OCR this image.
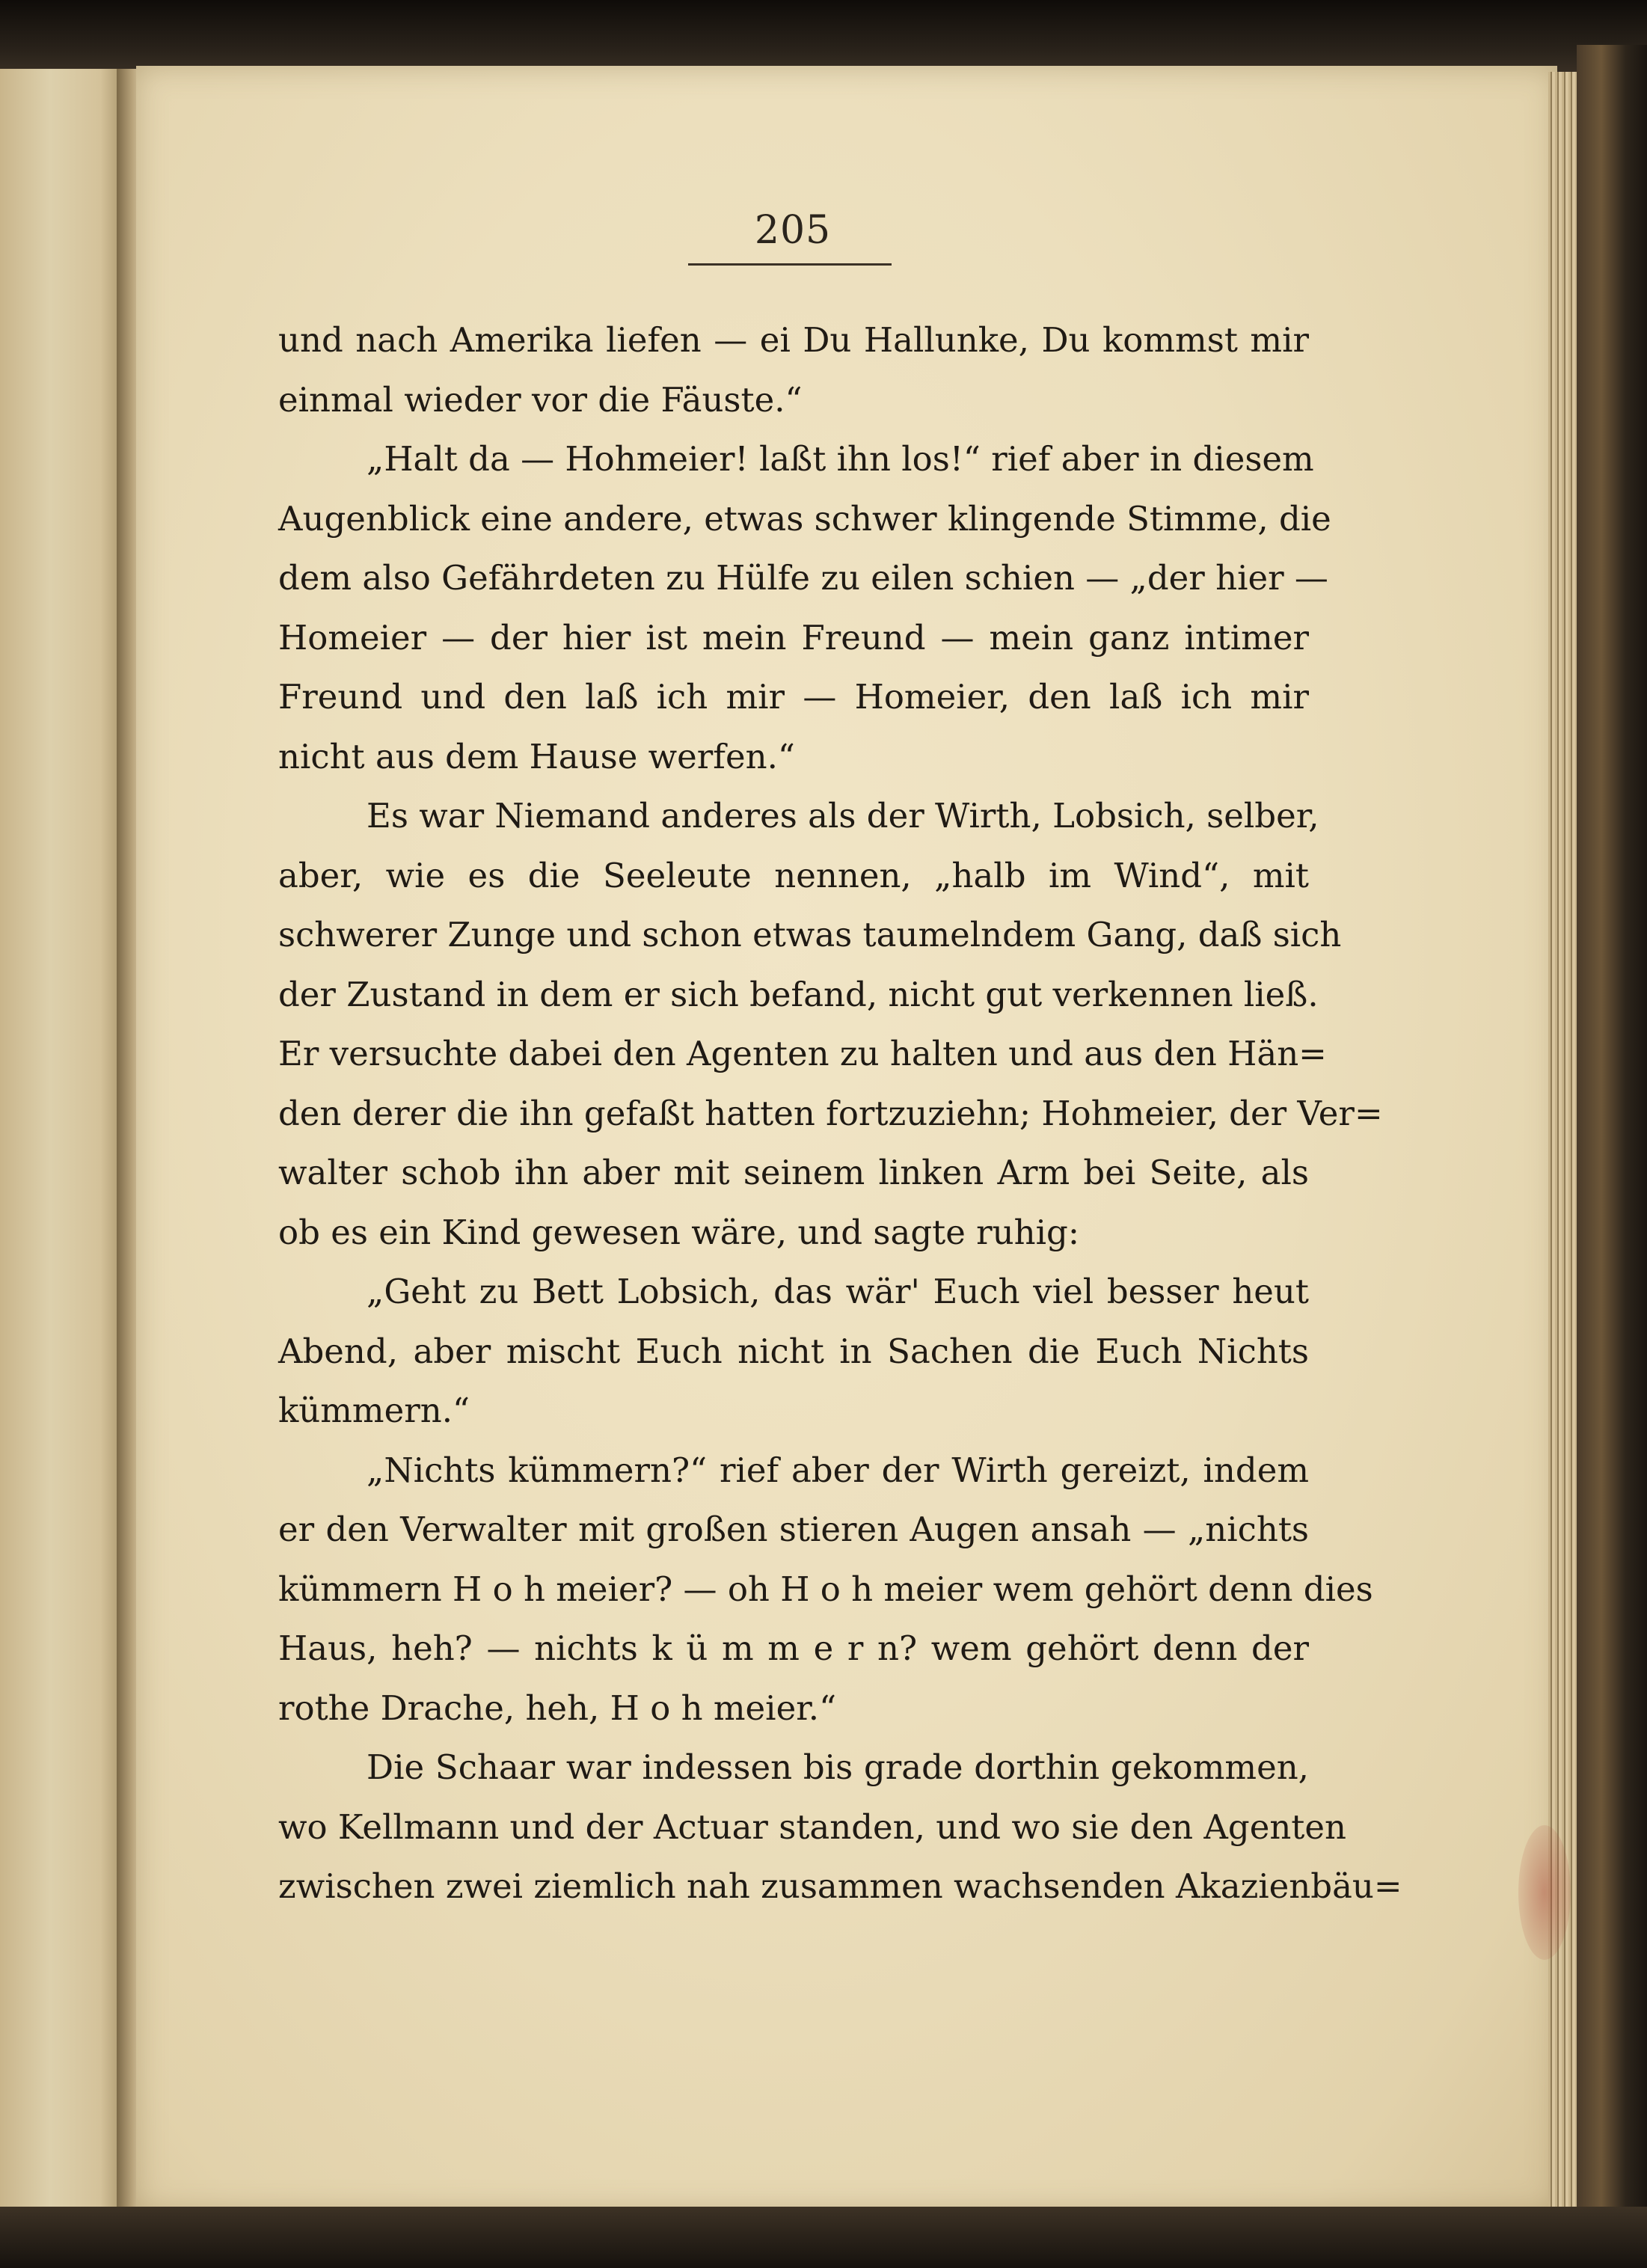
205
und nach Amerika liefen — ei Du Hallunke, Du kommst mir
einmal wieder vor die Fäuste.“
„Halt da — Hohmeier! laßt ihn los!“ rief aber in diesem
Augenblick eine andere, etwas schwer klingende Stimme, die
dem also Gefährdeten zu Hülfe zu eilen schien — „der hier —
Homeier — der hier ist mein Freund — mein ganz intimer
Freund und den laß ich mir — Homeier, den laß ich mir
nicht aus dem Hause werfen.“
Es war Niemand anderes als der Wirth, Lobsich, selber,
aber, wie es die Seeleute nennen, „halb im Wind“, mit
schwerer Zunge und schon etwas taumelndem Gang, daß sich
der Zustand in dem er sich befand, nicht gut verkennen ließ.
Er versuchte dabei den Agenten zu halten und aus den Hän=
den derer die ihn gefaßt hatten fortzuziehn; Hohmeier, der Ver=
walter schob ihn aber mit seinem linken Arm bei Seite, als
ob es ein Kind gewesen wäre, und sagte ruhig:
„Geht zu Bett Lobsich, das wär' Euch viel besser heut
Abend, aber mischt Euch nicht in Sachen die Euch Nichts
kümmern.“
„Nichts kümmern?“ rief aber der Wirth gereizt, indem
er den Verwalter mit großen stieren Augen ansah — „nichts
kümmern H o h meier? — oh H o h meier wem gehört denn dies
Haus, heh? — nichts k ü m m e r n? wem gehört denn der
rothe Drache, heh, H o h meier.“
Die Schaar war indessen bis grade dorthin gekommen,
wo Kellmann und der Actuar standen, und wo sie den Agenten
zwischen zwei ziemlich nah zusammen wachsenden Akazienbäu=
